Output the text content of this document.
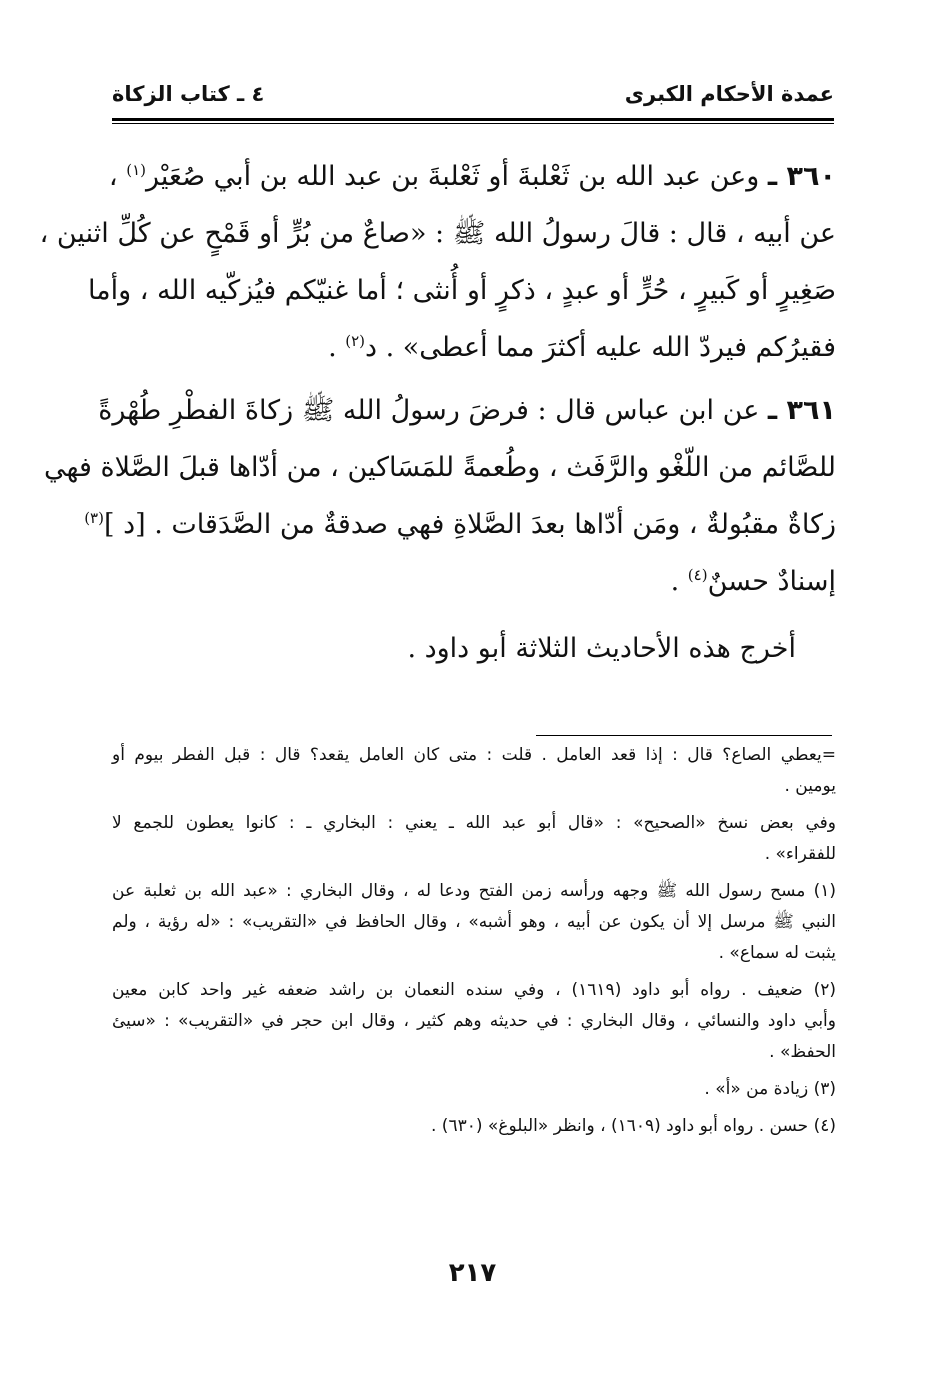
عمدة الأحكام الكبرى
٤ ـ كتاب الزكاة
٣٦٠ ـ وعن عبد الله بن ثَعْلبةَ أو ثَعْلبةَ بن عبد الله بن أبي صُعَيْر$^{(١)}$ ،
عن أبيه ، قال : قالَ رسولُ الله ﷺ : «صاعٌ من بُرٍّ أو قَمْحٍ عن كُلِّ اثنين ،
صَغِيرٍ أو كَبيرٍ ، حُرٍّ أو عبدٍ ، ذكرٍ أو أُنثى ؛ أما غنيّكم فيُزكّيه الله ، وأما
فقيرُكم فيردّ الله عليه أكثرَ مما أعطى» . د$^{(٢)}$ .
٣٦١ ـ عن ابن عباس قال : فرضَ رسولُ الله ﷺ زكاةَ الفطْرِ طُهْرةً
للصَّائم من اللّغْو والرَّفَث ، وطُعمةً للمَسَاكين ، من أدّاها قبلَ الصَّلاة فهي
زكاةٌ مقبُولةٌ ، ومَن أدّاها بعدَ الصَّلاةِ فهي صدقةٌ من الصَّدَقات . [د ]$^{(٣)}$
إسنادٌ حسنٌ$^{(٤)}$ .
أخرج هذه الأحاديث الثلاثة أبو داود .
=يعطي الصاع؟ قال : إذا قعد العامل . قلت : متى كان العامل يقعد؟ قال : قبل الفطر بيوم أو
يومين .
وفي بعض نسخ «الصحيح» : «قال أبو عبد الله ـ يعني : البخاري ـ : كانوا يعطون للجمع لا
للفقراء» .
(١) مسح رسول الله ﷺ وجهه ورأسه زمن الفتح ودعا له ، وقال البخاري : «عبد الله بن ثعلبة عن
النبي ﷺ مرسل إلا أن يكون عن أبيه ، وهو أشبه» ، وقال الحافظ في «التقريب» : «له رؤية ، ولم
يثبت له سماع» .
(٢) ضعيف . رواه أبو داود (١٦١٩) ، وفي سنده النعمان بن راشد ضعفه غير واحد كابن معين
وأبي داود والنسائي ، وقال البخاري : في حديثه وهم كثير ، وقال ابن حجر في «التقريب» : «سيئ
الحفظ» .
(٣) زيادة من «أ» .
(٤) حسن . رواه أبو داود (١٦٠٩) ، وانظر «البلوغ» (٦٣٠) .
٢١٧
